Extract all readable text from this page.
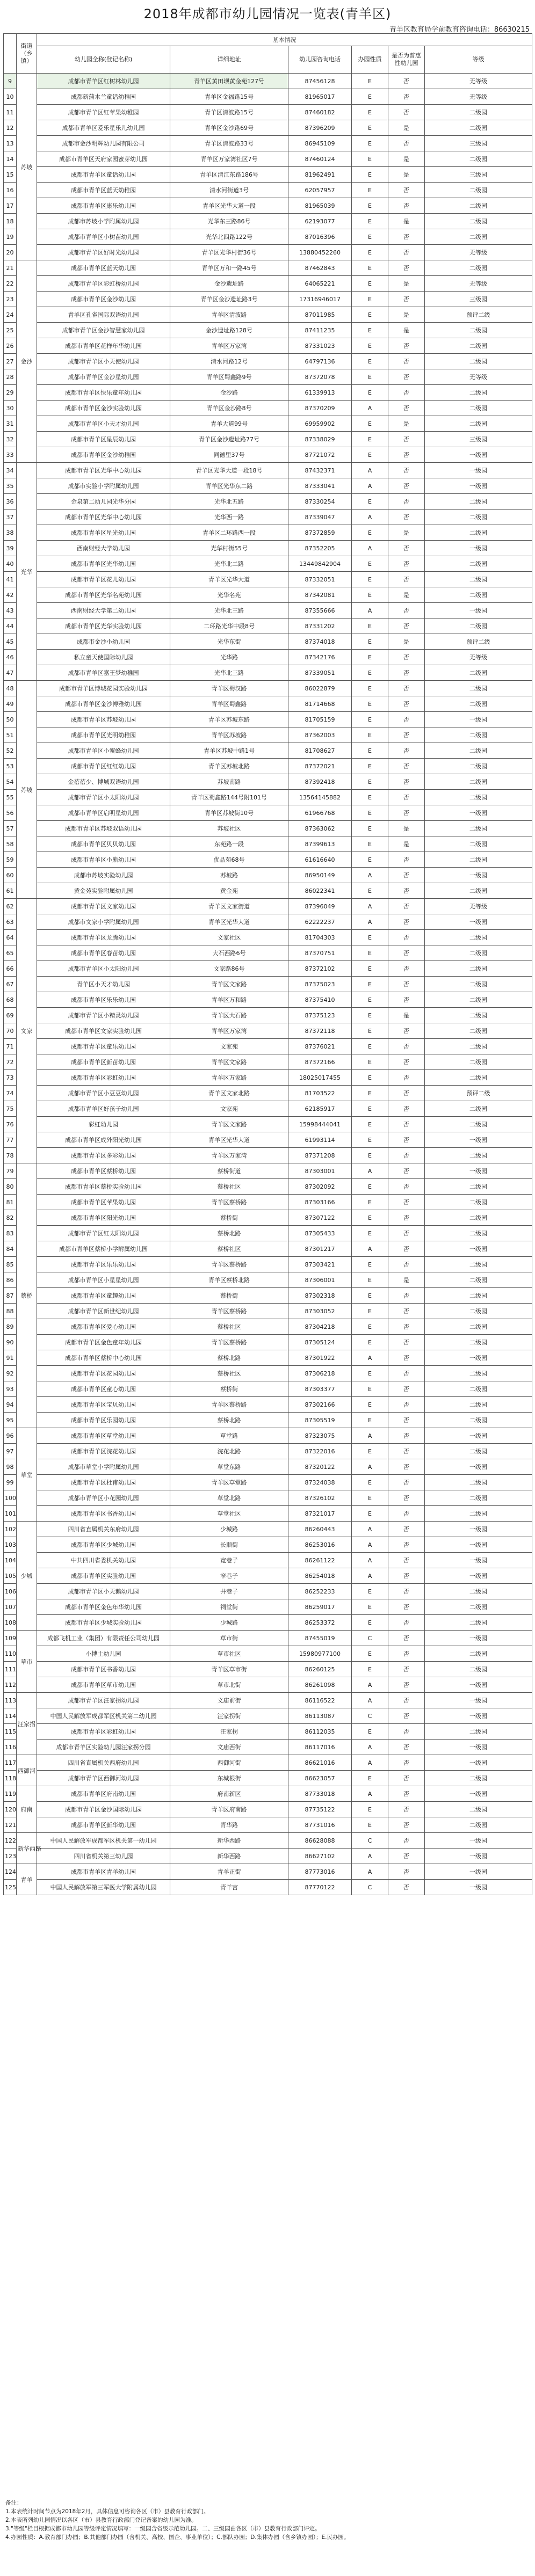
2018年成都市幼儿园情况一览表(青羊区)
青羊区教育局学前教育咨询电话：86630215
	街道（乡镇）	基本情况					
		幼儿园全称(登记名称)	详细地址	幼儿园咨询电话	办园性质	是否为普惠性幼儿园	等级
9	苏坡	成都市青羊区红树林幼儿园	青羊区黄田坝黄金苑127号	87456128	E	否	无等级
10		成都新蒲木兰童话幼稚园	青羊区金福路15号	81965017	E	否	无等级
11		成都市青羊区红苹果幼稚园	青羊区清波路15号	87460182	E	否	二级园
12		成都市青羊区爱乐星乐儿幼儿园	青羊区金沙路69号	87396209	E	是	二级园
13		成都市金沙明辉幼儿园有限公司	青羊区清波路33号	86945109	E	否	三级园
14		成都市青羊区天府家园蜜芽幼儿园	青羊区万家湾社区7号	87460124	E	是	二级园
15		成都市青羊区童话幼儿园	青羊区清江东路186号	81962491	E	是	三级园
16		成都市青羊区蓝天幼稚园	清水河街道3号	62057957	E	否	二级园
17		成都市青羊区康乐幼儿园	青羊区光华大道一段	81965039	E	否	二级园
18		成都市苏坡小学附属幼儿园	光华东三路86号	62193077	E	是	二级园
19		成都市青羊区小树苗幼儿园	光华北四路122号	87016396	E	否	二级园
20		成都市青羊区好时光幼儿园	青羊区光华村街36号	13880452260	E	否	无等级
21	金沙	成都市青羊区蓝天幼儿园	青羊区万和一路45号	87462843	E	否	二级园
22		成都市青羊区彩虹桥幼儿园	金沙遗址路	64065221	E	是	无等级
23		成都市青羊区金沙幼儿园	青羊区金沙遗址路3号	17316946017	E	否	三级园
24		青羊区孔雀国际双语幼儿园	青羊区清波路	87011985	E	是	预评二级
25		成都市青羊区金沙智慧家幼儿园	金沙遗址路128号	87411235	E	是	二级园
26		成都市青羊区花样年华幼儿园	青羊区万家湾	87331023	E	否	二级园
27		成都市青羊区小天使幼儿园	清水河路12号	64797136	E	否	二级园
28		成都市青羊区金沙星幼儿园	青羊区蜀鑫路9号	87372078	E	否	无等级
29		成都市青羊区快乐童年幼儿园	金沙路	61339913	E	否	二级园
30		成都市青羊区金沙实验幼儿园	青羊区金沙路8号	87370209	A	否	二级园
31		成都市青羊区小天才幼儿园	青羊大道99号	69959902	E	是	二级园
32		成都市青羊区星辰幼儿园	青羊区金沙遗址路77号	87338029	E	否	三级园
33		成都市青羊区金沙幼稚园	同德里37号	87721072	E	否	一级园
34	光华	成都市青羊区光华中心幼儿园	青羊区光华大道一段18号	87432371	A	否	一级园
35		成都市实验小学附属幼儿园	青羊区光华东二路	87333041	A	否	一级园
36		金泉第二幼儿园光华分园	光华北五路	87330254	E	否	二级园
37		成都市青羊区光华中心幼儿园	光华西一路	87339047	A	否	二级园
38		成都市青羊区星光幼儿园	青羊区二环路西一段	87372859	E	是	二级园
39		西南财经大学幼儿园	光华村街55号	87352205	A	否	一级园
40		成都市青羊区光华幼儿园	光华北二路	13449842904	E	否	二级园
41		成都市青羊区花儿幼儿园	青羊区光华大道	87332051	E	否	二级园
42		成都市青羊区光华名苑幼儿园	光华名苑	87342081	E	是	二级园
43		西南财经大学第二幼儿园	光华北三路	87355666	A	否	一级园
44		成都市青羊区光华实验幼儿园	二环路光华中段8号	87331202	E	否	二级园
45		成都市金沙小幼儿园	光华东街	87374018	E	是	预评二级
46		私立童天使国际幼儿园	光华路	87342176	E	否	无等级
47		成都市青羊区嘉王梦幼稚园	光华北三路	87339051	E	否	二级园
48	苏坡	成都市青羊区博城花园实验幼儿园	青羊区蜀汉路	86022879	E	否	二级园
49		成都市青羊区金沙博雅幼儿园	青羊区蜀鑫路	81714668	E	否	二级园
50		成都市青羊区苏坡幼儿园	青羊区苏坡东路	81705159	E	否	一级园
51		成都市青羊区光明幼稚园	青羊区苏坡路	87362003	E	否	二级园
52		成都市青羊区小蜜蜂幼儿园	青羊区苏坡中路1号	81708627	E	否	二级园
53		成都市青羊区红红幼儿园	青羊区苏坡北路	87372021	E	否	二级园
54		金蓓蓓少、博城双语幼儿园	苏坡南路	87392418	E	否	二级园
55		成都市青羊区小太阳幼儿园	青羊区蜀鑫路144号附101号	13564145882	E	否	二级园
56		成都市青羊区启明星幼儿园	青羊区苏坡街10号	61966768	E	否	一级园
57		成都市青羊区苏坡双语幼儿园	苏坡社区	87363062	E	是	二级园
58		成都市青羊区贝贝幼儿园	东苑路一段	87399613	E	是	二级园
59		成都市青羊区小熊幼儿园	优品苑68号	61616640	E	否	二级园
60		成都市苏坡实验幼儿园	苏坡路	86950149	A	否	一级园
61		黄金苑实验附属幼儿园	黄金苑	86022341	E	否	二级园
62	文家	成都市青羊区文家幼儿园	青羊区文家街道	87396049	A	否	无等级
63		成都市文家小学附属幼儿园	青羊区光华大道	62222237	A	否	一级园
64		成都市青羊区龙腾幼儿园	文家社区	81704303	E	否	二级园
65		成都市青羊区春苗幼儿园	大石西路6号	87370751	E	否	二级园
66		成都市青羊区小太阳幼儿园	文家路86号	87372102	E	否	二级园
67		青羊区小天才幼儿园	青羊区文家路	87375023	E	否	二级园
68		成都市青羊区乐乐幼儿园	青羊区万和路	87375410	E	否	二级园
69		成都市青羊区小精灵幼儿园	青羊区大石路	87375123	E	是	二级园
70		成都市青羊区文家实验幼儿园	青羊区万家湾	87372118	E	否	二级园
71		成都市青羊区童乐幼儿园	文家苑	87376021	E	否	二级园
72		成都市青羊区新苗幼儿园	青羊区文家路	87372166	E	否	二级园
73		成都市青羊区彩虹幼儿园	青羊区万家路	18025017455	E	否	二级园
74		成都市青羊区小豆豆幼儿园	青羊区文家北路	81703522	E	否	预评二级
75		成都市青羊区好孩子幼儿园	文家苑	62185917	E	否	二级园
76		彩虹幼儿园	青羊区文家路	15998444041	E	否	二级园
77		成都市青羊区成外阳光幼儿园	青羊区光华大道	61993114	E	否	一级园
78		成都市青羊区多彩幼儿园	青羊区万家湾	87371208	E	否	二级园
79	蔡桥	成都市青羊区蔡桥幼儿园	蔡桥街道	87303001	A	否	一级园
80		成都市青羊区蔡桥实验幼儿园	蔡桥社区	87302092	E	否	二级园
81		成都市青羊区苹果幼儿园	青羊区蔡桥路	87303166	E	否	二级园
82		成都市青羊区阳光幼儿园	蔡桥街	87307122	E	否	二级园
83		成都市青羊区红太阳幼儿园	蔡桥北路	87305433	E	否	二级园
84		成都市青羊区蔡桥小学附属幼儿园	蔡桥社区	87301217	A	否	一级园
85		成都市青羊区乐乐幼儿园	青羊区蔡桥路	87303421	E	否	二级园
86		成都市青羊区小星星幼儿园	青羊区蔡桥北路	87306001	E	是	二级园
87		成都市青羊区童趣幼儿园	蔡桥街	87302318	E	否	二级园
88		成都市青羊区新世纪幼儿园	青羊区蔡桥路	87303052	E	否	二级园
89		成都市青羊区爱心幼儿园	蔡桥社区	87304218	E	否	二级园
90		成都市青羊区金色童年幼儿园	青羊区蔡桥路	87305124	E	否	二级园
91		成都市青羊区蔡桥中心幼儿园	蔡桥北路	87301922	A	否	一级园
92		成都市青羊区花园幼儿园	蔡桥社区	87306218	E	否	二级园
93		成都市青羊区童心幼儿园	蔡桥街	87303377	E	否	二级园
94		成都市青羊区宝贝幼儿园	青羊区蔡桥路	87302166	E	否	二级园
95		成都市青羊区乐园幼儿园	蔡桥北路	87305519	E	否	二级园
96	草堂	成都市青羊区草堂幼儿园	草堂路	87323075	A	否	一级园
97		成都市青羊区浣花幼儿园	浣花北路	87322016	E	否	二级园
98		成都市草堂小学附属幼儿园	草堂东路	87320122	A	否	一级园
99		成都市青羊区杜甫幼儿园	青羊区草堂路	87324038	E	否	二级园
100		成都市青羊区小花园幼儿园	草堂北路	87326102	E	否	二级园
101		成都市青羊区书香幼儿园	草堂社区	87321017	E	否	二级园
102	少城	四川省直属机关东府幼儿园	少城路	86260443	A	否	一级园
103		成都市青羊区少城幼儿园	长顺街	86253016	A	否	一级园
104		中共四川省委机关幼儿园	宽巷子	86261122	A	否	一级园
105		成都市青羊区实验幼儿园	窄巷子	86254018	A	否	一级园
106		成都市青羊区小天鹅幼儿园	井巷子	86252233	E	否	二级园
107		成都市青羊区金色年华幼儿园	祠堂街	86259017	E	否	二级园
108		成都市青羊区少城实验幼儿园	少城路	86253372	E	否	二级园
109	草市	成都飞机工业（集团）有限责任公司幼儿园	草市街	87455019	C	否	一级园
110		小博士幼儿园	草市社区	15980977100	E	否	二级园
111		成都市青羊区书香幼儿园	青羊区草市街	86260125	E	否	二级园
112		成都市青羊区草市幼儿园	草市北街	86261098	A	否	一级园
113	汪家拐	成都市青羊区汪家拐幼儿园	文庙前街	86116522	A	否	一级园
114		中国人民解放军成都军区机关第二幼儿园	汪家拐街	86113087	C	否	一级园
115		成都市青羊区彩虹幼儿园	汪家拐	86112035	E	否	二级园
116		成都市青羊区实验幼儿园汪家拐分园	文庙西街	86117016	A	否	一级园
117	西御河	四川省直属机关西府幼儿园	西御河街	86621016	A	否	一级园
118		成都市青羊区西御河幼儿园	东城根街	86623057	E	否	二级园
119	府南	成都市青羊区府南幼儿园	府南新区	87733018	A	否	一级园
120		成都市青羊区金沙国际幼儿园	青羊区府南路	87735122	E	否	二级园
121		成都市青羊区新华幼儿园	青华路	87731016	E	否	二级园
122	新华西路	中国人民解放军成都军区机关第一幼儿园	新华西路	86628088	C	否	一级园
123		四川省机关第三幼儿园	新华西路	86627102	A	否	一级园
124	青羊	成都市青羊区青羊幼儿园	青羊正街	87773016	A	否	一级园
125		中国人民解放军第三军医大学附属幼儿园	青羊宫	87770122	C	否	一级园
备注：
1.本表统计时间节点为2018年2月，具体信息可咨询各区（市）县教育行政部门。
2.本表所列幼儿园情况以各区（市）县教育行政部门登记备案的幼儿园为准。
3."等级"栏目根据成都市幼儿园等级评定情况填写：一级园含省级示范幼儿园。二、三级园由各区（市）县教育行政部门评定。
4.办园性质：A.教育部门办园；B.其他部门办园（含机关、高校、国企、事业单位）；C.部队办园；D.集体办园（含乡镇办园）；E.民办园。
